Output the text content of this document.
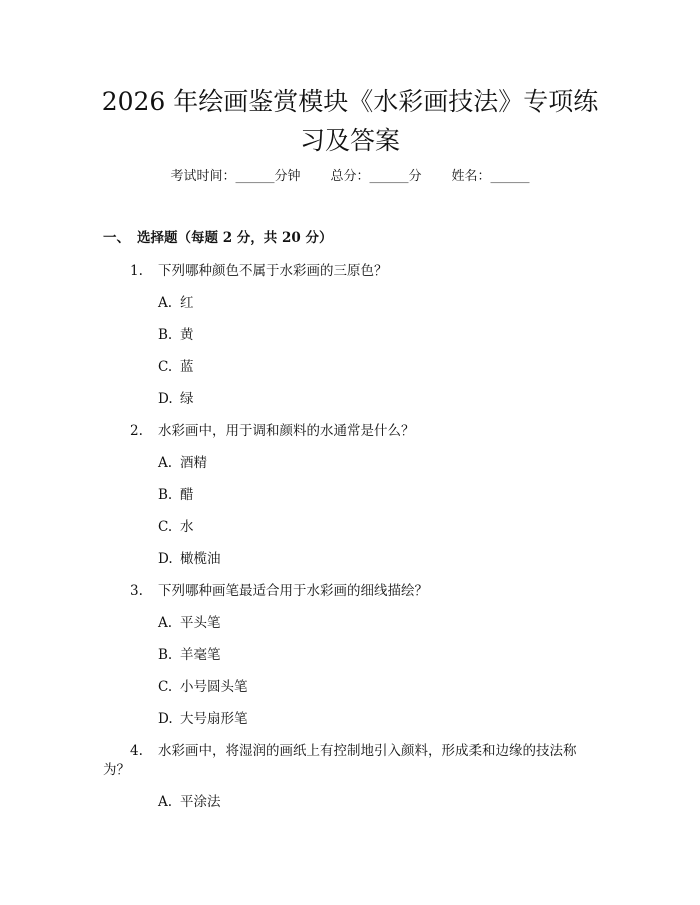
2026 年绘画鉴赏模块《水彩画技法》专项练
习及答案
考试时间：______分钟 总分：______分 姓名：______
一、 选择题（每题 2 分，共 20 分）
1. 下列哪种颜色不属于水彩画的三原色？
A. 红
B. 黄
C. 蓝
D. 绿
2. 水彩画中，用于调和颜料的水通常是什么？
A. 酒精
B. 醋
C. 水
D. 橄榄油
3. 下列哪种画笔最适合用于水彩画的细线描绘？
A. 平头笔
B. 羊毫笔
C. 小号圆头笔
D. 大号扇形笔
4. 水彩画中，将湿润的画纸上有控制地引入颜料，形成柔和边缘的技法称
为？
A. 平涂法
